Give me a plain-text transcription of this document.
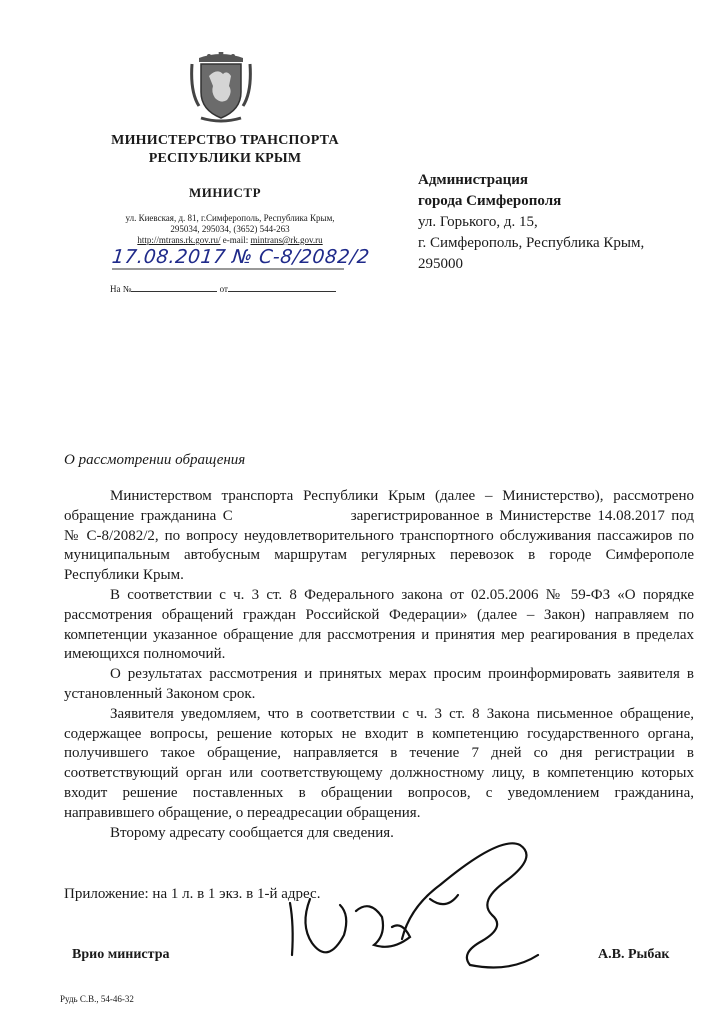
МИНИСТЕРСТВО ТРАНСПОРТА
РЕСПУБЛИКИ КРЫМ
МИНИСТР
ул. Киевская, д. 81, г.Симферополь, Республика Крым,
295034, 295034, (3652) 544-263
http://mtrans.rk.gov.ru/ e-mail: mintrans@rk.gov.ru
17.08.2017 № С-8/2082/2
На №	от
Администрация
города Симферополя
ул. Горького, д. 15,
г. Симферополь, Республика Крым,
295000
О рассмотрении обращения

Министерством транспорта Республики Крым (далее – Министерство), рассмотрено обращение гражданина С	зарегистрированное в Министерстве 14.08.2017 под № С-8/2082/2, по вопросу неудовлетворительного транспортного обслуживания пассажиров по муниципальным автобусным маршрутам регулярных перевозок в городе Симферополе Республики Крым.

В соответствии с ч. 3 ст. 8 Федерального закона от 02.05.2006 № 59-ФЗ «О порядке рассмотрения обращений граждан Российской Федерации» (далее – Закон) направляем по компетенции указанное обращение для рассмотрения и принятия мер реагирования в пределах имеющихся полномочий.

О результатах рассмотрения и принятых мерах просим проинформировать заявителя в установленный Законом срок.

Заявителя уведомляем, что в соответствии с ч. 3 ст. 8 Закона письменное обращение, содержащее вопросы, решение которых не входит в компетенцию государственного органа, получившего такое обращение, направляется в течение 7 дней со дня регистрации в соответствующий орган или соответствующему должностному лицу, в компетенцию которых входит решение поставленных в обращении вопросов, с уведомлением гражданина, направившего обращение, о переадресации обращения.

Второму адресату сообщается для сведения.

Приложение: на 1 л. в 1 экз. в 1-й адрес.
Врио министра	А.В. Рыбак
Рудь С.В., 54-46-32
